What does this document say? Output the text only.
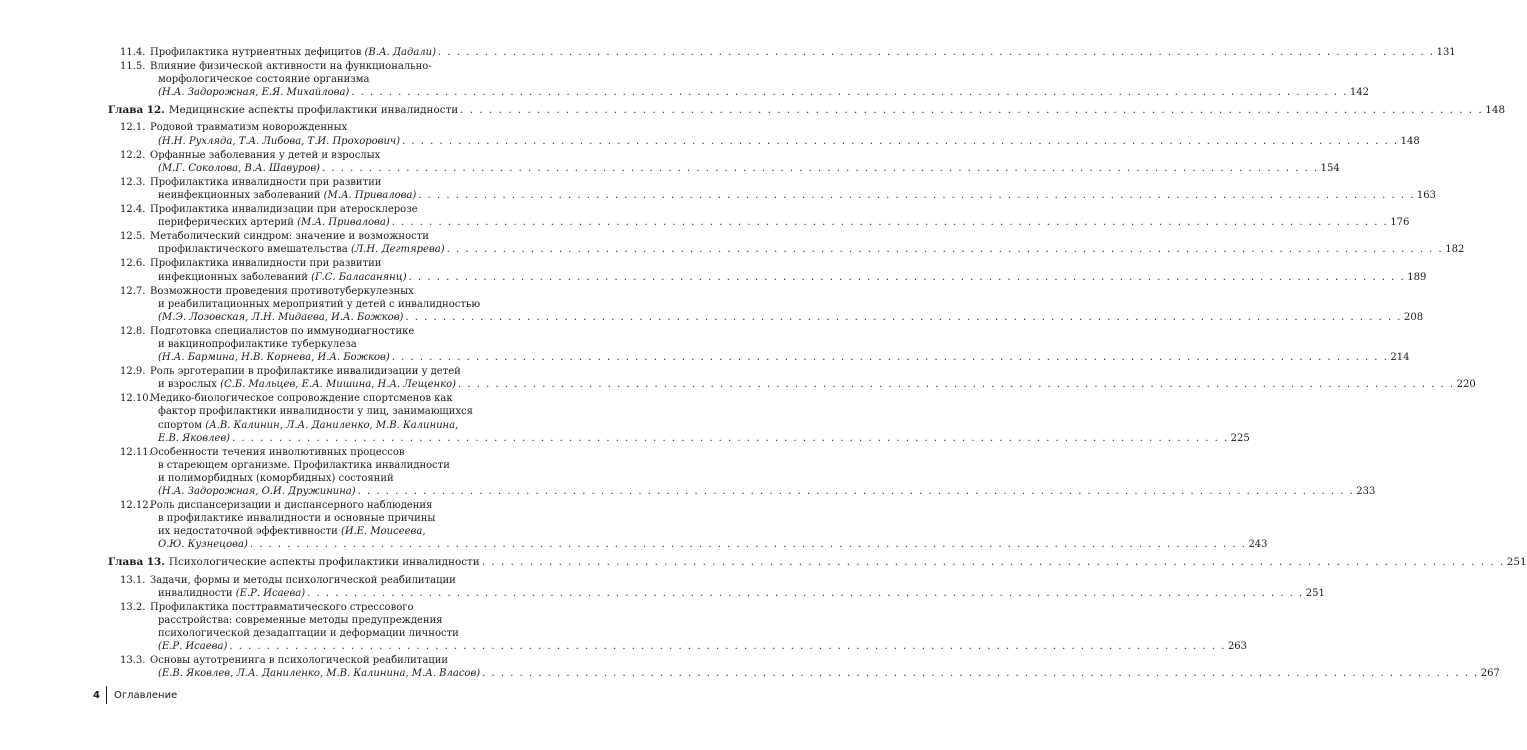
11.4. Профилактика нутриентных дефицитов (В.А. Дадали) . . .	131
11.5. Влияние физической активности на функционально-
морфологическое состояние организма
(Н.А. Задорожная, Е.Я. Михайлова) . . .	142
Глава 12. Медицинские аспекты профилактики инвалидности . . .	148
12.1. Родовой травматизм новорожденных
(Н.Н. Рухляда, Т.А. Либова, Т.И. Прохорович) . . .	148
12.2. Орфанные заболевания у детей и взрослых
(М.Г. Соколова, В.А. Шавуров) . . .	154
12.3. Профилактика инвалидности при развитии
неинфекционных заболеваний (М.А. Привалова) . . .	163
12.4. Профилактика инвалидизации при атеросклерозе
периферических артерий (М.А. Привалова) . . .	176
12.5. Метаболический синдром: значение и возможности
профилактического вмешательства (Л.Н. Дегтярева) . . .	182
12.6. Профилактика инвалидности при развитии
инфекционных заболеваний (Г.С. Баласанянц) . . .	189
12.7. Возможности проведения противотуберкулезных
и реабилитационных мероприятий у детей с инвалидностью
(М.Э. Лозовская, Л.Н. Мидаева, И.А. Божков) . . .	208
12.8. Подготовка специалистов по иммунодиагностике
и вакцинопрофилактике туберкулеза
(Н.А. Бармина, Н.В. Корнева, И.А. Божков) . . .	214
12.9. Роль эрготерапии в профилактике инвалидизации у детей
и взрослых (С.Б. Мальцев, Е.А. Мишина, Н.А. Лещенко) . . .	220
12.10.
Медико-биологическое сопровождение спортсменов как
фактор профилактики инвалидности у лиц, занимающихся
спортом (А.В. Калинин, Л.А. Даниленко, М.В. Калинина,
Е.В. Яковлев) . . .	225
12.11.
Особенности течения инволютивных процессов
в стареющем организме. Профилактика инвалидности
и полиморбидных (коморбидных) состояний
(Н.А. Задорожная, О.И. Дружинина) . . .	233
12.12.
Роль диспансеризации и диспансерного наблюдения
в профилактике инвалидности и основные причины
их недостаточной эффективности (И.Е. Моисеева,
О.Ю. Кузнецова) . . .	243
Глава 13. Психологические аспекты профилактики инвалидности . . .	251
13.1. Задачи, формы и методы психологической реабилитации
инвалидности (Е.Р. Исаева) . . .	251
13.2. Профилактика посттравматического стрессового
расстройства: современные методы предупреждения
психологической дезадаптации и деформации личности
(Е.Р. Исаева) . . .	263
13.3. Основы аутотренинга в психологической реабилитации
(Е.В. Яковлев, Л.А. Даниленко, М.В. Калинина, М.А. Власов) . . .	267
4 Оглавление
